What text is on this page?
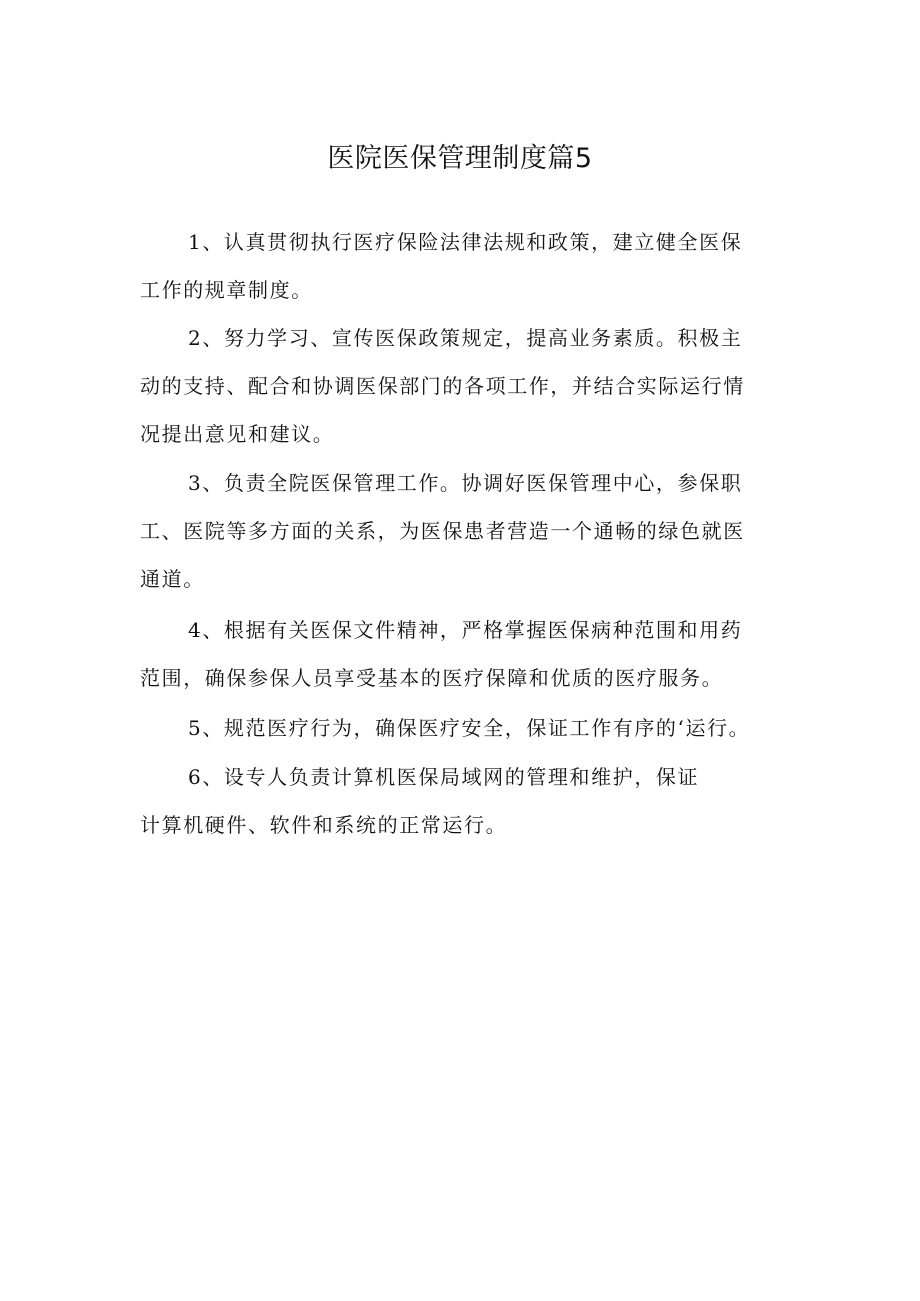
医院医保管理制度篇5
1、认真贯彻执行医疗保险法律法规和政策，建立健全医保
工作的规章制度。
2、努力学习、宣传医保政策规定，提高业务素质。积极主
动的支持、配合和协调医保部门的各项工作，并结合实际运行情
况提出意见和建议。
3、负责全院医保管理工作。协调好医保管理中心，参保职
工、医院等多方面的关系，为医保患者营造一个通畅的绿色就医
通道。
4、根据有关医保文件精神，严格掌握医保病种范围和用药
范围，确保参保人员享受基本的医疗保障和优质的医疗服务。
5、规范医疗行为，确保医疗安全，保证工作有序的‘运行。
6、设专人负责计算机医保局域网的管理和维护，保证
计算机硬件、软件和系统的正常运行。
